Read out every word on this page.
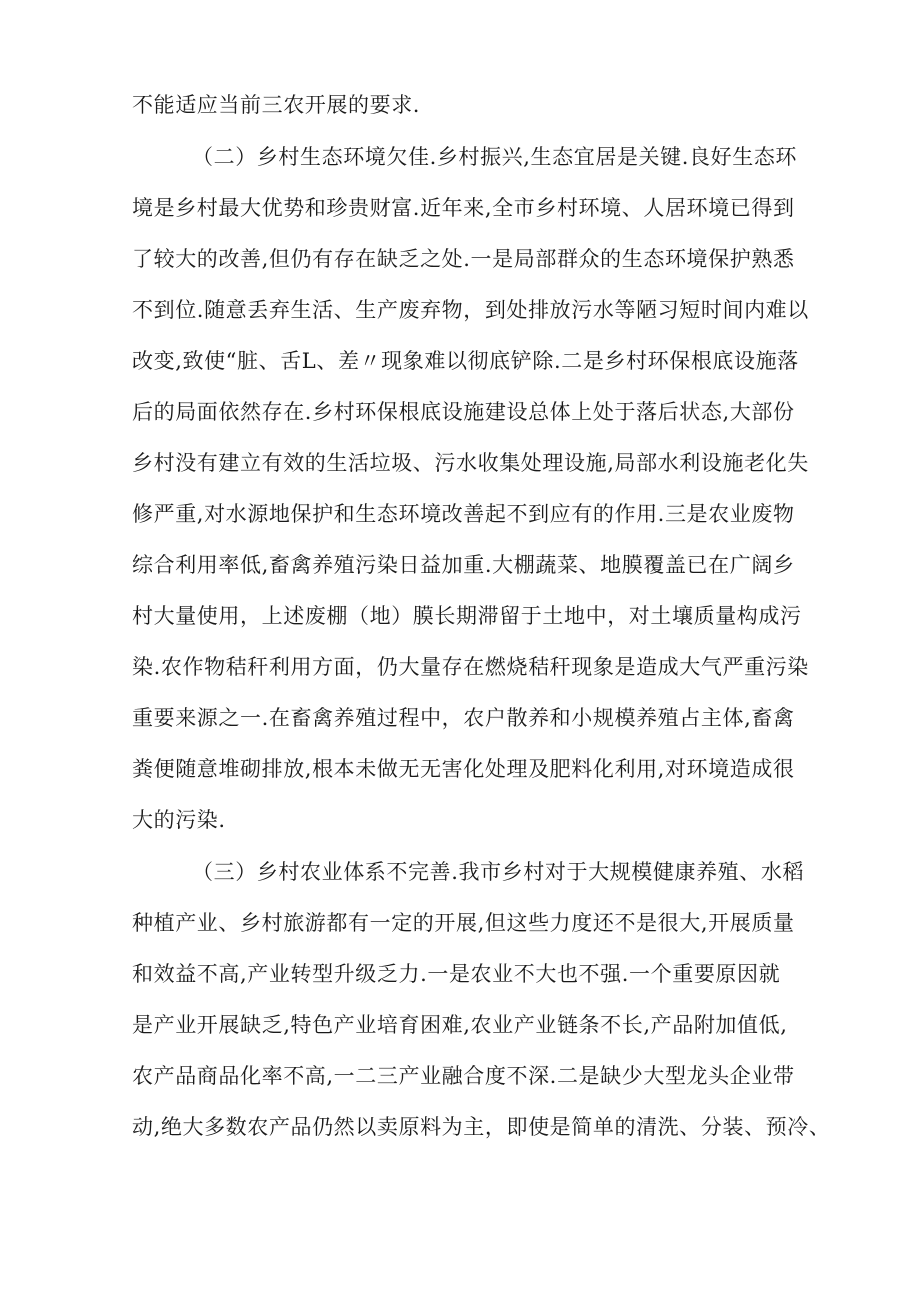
不能适应当前三农开展的要求.
（二）乡村生态环境欠佳.乡村振兴,生态宜居是关键.良好生态环
境是乡村最大优势和珍贵财富.近年来,全市乡村环境、人居环境已得到
了较大的改善,但仍有存在缺乏之处.一是局部群众的生态环境保护熟悉
不到位.随意丢弃生活、生产废弃物，到处排放污水等陋习短时间内难以
改变,致使“脏、舌L、差〃现象难以彻底铲除.二是乡村环保根底设施落
后的局面依然存在.乡村环保根底设施建设总体上处于落后状态,大部份
乡村没有建立有效的生活垃圾、污水收集处理设施,局部水利设施老化失
修严重,对水源地保护和生态环境改善起不到应有的作用.三是农业废物
综合利用率低,畜禽养殖污染日益加重.大棚蔬菜、地膜覆盖已在广阔乡
村大量使用，上述废棚（地）膜长期滞留于土地中，对土壤质量构成污
染.农作物秸秆利用方面，仍大量存在燃烧秸秆现象是造成大气严重污染
重要来源之一.在畜禽养殖过程中，农户散养和小规模养殖占主体,畜禽
粪便随意堆砌排放,根本未做无无害化处理及肥料化利用,对环境造成很
大的污染.
（三）乡村农业体系不完善.我市乡村对于大规模健康养殖、水稻
种植产业、乡村旅游都有一定的开展,但这些力度还不是很大,开展质量
和效益不高,产业转型升级乏力.一是农业不大也不强.一个重要原因就
是产业开展缺乏,特色产业培育困难,农业产业链条不长,产品附加值低,
农产品商品化率不高,一二三产业融合度不深.二是缺少大型龙头企业带
动,绝大多数农产品仍然以卖原料为主，即使是简单的清洗、分装、预冷、
